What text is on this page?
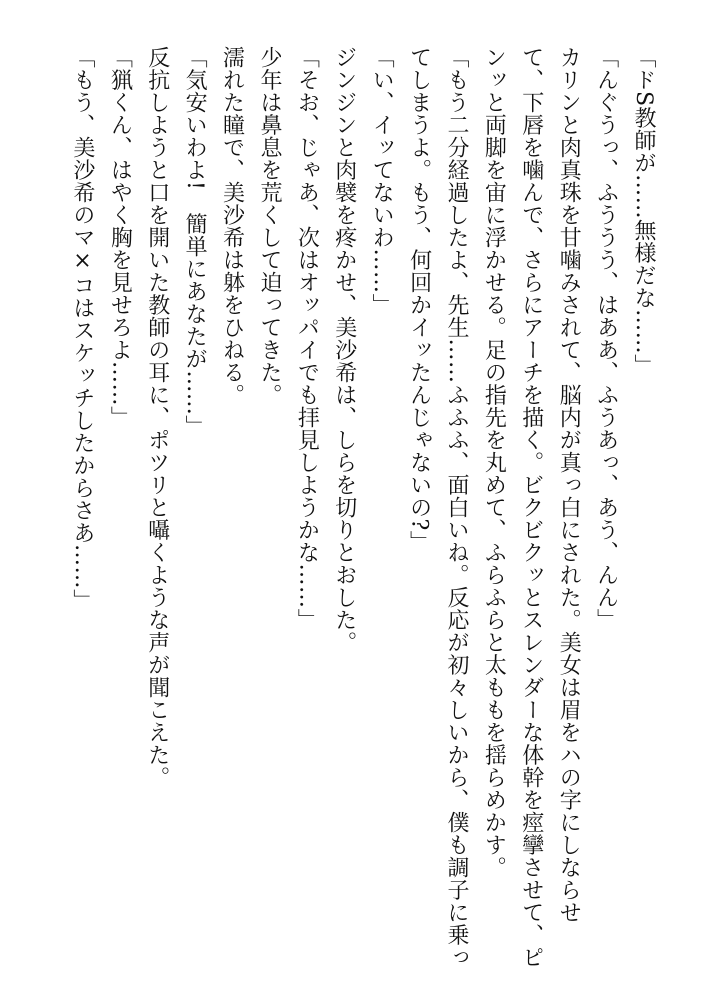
「ドS教師が……無様だな……」
「んぐうっ、ふううう、はああ、ふうあっ、あう、んん」
カリンと肉真珠を甘噛みされて、脳内が真っ白にされた。美女は眉をハの字にしならせ
て、下唇を噛んで、さらにアーチを描く。ビクビクッとスレンダーな体幹を痙攣させて、ピ
ンッと両脚を宙に浮かせる。足の指先を丸めて、ふらふらと太ももを揺らめかす。
「もう二分経過したよ、先生……ふふふ、面白いね。反応が初々しいから、僕も調子に乗っ
てしまうよ。もう、何回かイッたんじゃないの?」
「い、イッてないわ……」
ジンジンと肉襞を疼かせ、美沙希は、しらを切りとおした。
「そお、じゃあ、次はオッパイでも拝見しようかな……」
少年は鼻息を荒くして迫ってきた。
濡れた瞳で、美沙希は躰をひねる。
「気安いわよ!　簡単にあなたが……」
反抗しようと口を開いた教師の耳に、ポツリと囁くような声が聞こえた。
「猟くん、はやく胸を見せろよ……」
「もう、美沙希のマ×コはスケッチしたからさあ……」
